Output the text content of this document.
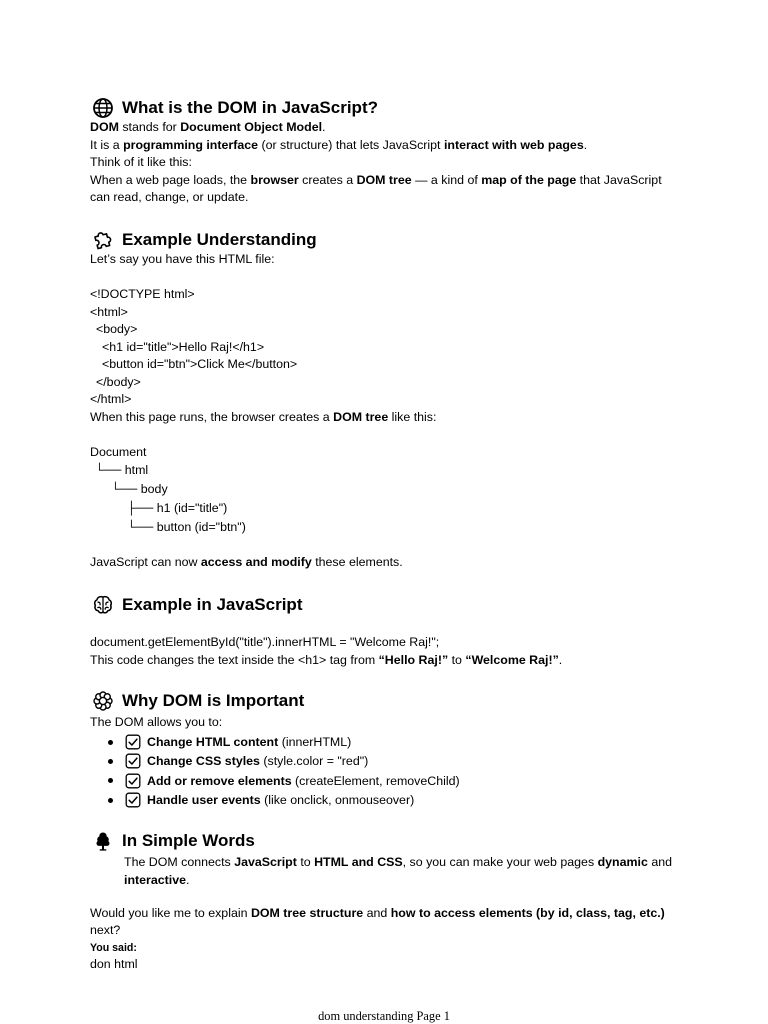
What is the DOM in JavaScript?
DOM stands for Document Object Model.
It is a programming interface (or structure) that lets JavaScript interact with web pages.
Think of it like this:
When a web page loads, the browser creates a DOM tree — a kind of map of the page that JavaScript
can read, change, or update.
Example Understanding
Let’s say you have this HTML file:
<!DOCTYPE html>
<html>
<body>
<h1 id="title">Hello Raj!</h1>
<button id="btn">Click Me</button>
</body>
</html>
When this page runs, the browser creates a DOM tree like this:
Document
└── html
└── body
├── h1 (id="title")
└── button (id="btn")
JavaScript can now access and modify these elements.
Example in JavaScript
document.getElementById("title").innerHTML = "Welcome Raj!";
This code changes the text inside the <h1> tag from “Hello Raj!” to “Welcome Raj!”.
Why DOM is Important
The DOM allows you to:
Change HTML content (innerHTML)
Change CSS styles (style.color = "red")
Add or remove elements (createElement, removeChild)
Handle user events (like onclick, onmouseover)
In Simple Words
The DOM connects JavaScript to HTML and CSS, so you can make your web pages dynamic and
interactive.
Would you like me to explain DOM tree structure and how to access elements (by id, class, tag, etc.)
next?
You said:
don html
dom understanding Page 1
